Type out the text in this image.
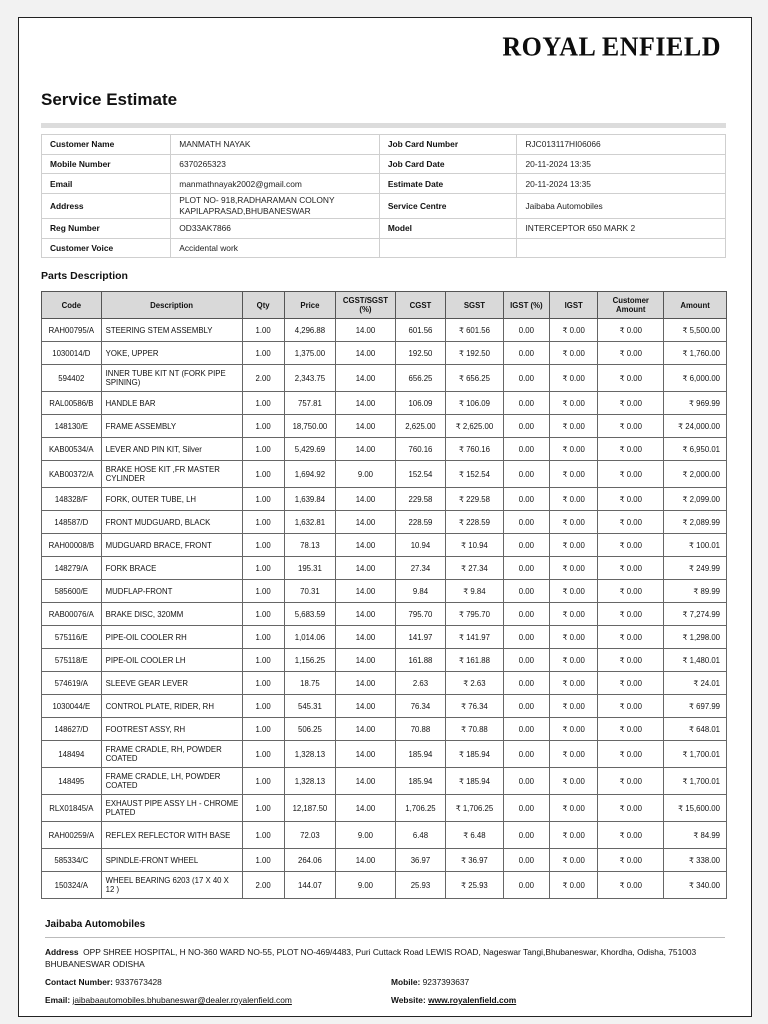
ROYAL ENFIELD
Service Estimate
Customer Name	MANMATH NAYAK	Job Card Number	RJC013117HI06066
Mobile Number	6370265323	Job Card Date	20-11-2024 13:35
Email	manmathnayak2002@gmail.com	Estimate Date	20-11-2024 13:35
Address	PLOT NO- 918,RADHARAMAN COLONY
KAPILAPRASAD,BHUBANESWAR	Service Centre	Jaibaba Automobiles
Reg Number	OD33AK7866	Model	INTERCEPTOR 650 MARK 2
Customer Voice	Accidental work		
Parts Description
Code	Description	Qty	Price	CGST/SGST (%)	CGST	SGST	IGST (%)	IGST	Customer Amount	Amount
RAH00795/A	STEERING STEM ASSEMBLY	1.00	4,296.88	14.00	601.56	₹ 601.56	0.00	₹ 0.00	₹ 0.00	₹ 5,500.00
1030014/D	YOKE, UPPER	1.00	1,375.00	14.00	192.50	₹ 192.50	0.00	₹ 0.00	₹ 0.00	₹ 1,760.00
594402	INNER TUBE KIT NT (FORK PIPE SPINING)	2.00	2,343.75	14.00	656.25	₹ 656.25	0.00	₹ 0.00	₹ 0.00	₹ 6,000.00
RAL00586/B	HANDLE BAR	1.00	757.81	14.00	106.09	₹ 106.09	0.00	₹ 0.00	₹ 0.00	₹ 969.99
148130/E	FRAME ASSEMBLY	1.00	18,750.00	14.00	2,625.00	₹ 2,625.00	0.00	₹ 0.00	₹ 0.00	₹ 24,000.00
KAB00534/A	LEVER AND PIN KIT, Silver	1.00	5,429.69	14.00	760.16	₹ 760.16	0.00	₹ 0.00	₹ 0.00	₹ 6,950.01
KAB00372/A	BRAKE HOSE KIT ,FR MASTER CYLINDER	1.00	1,694.92	9.00	152.54	₹ 152.54	0.00	₹ 0.00	₹ 0.00	₹ 2,000.00
148328/F	FORK, OUTER TUBE, LH	1.00	1,639.84	14.00	229.58	₹ 229.58	0.00	₹ 0.00	₹ 0.00	₹ 2,099.00
148587/D	FRONT MUDGUARD, BLACK	1.00	1,632.81	14.00	228.59	₹ 228.59	0.00	₹ 0.00	₹ 0.00	₹ 2,089.99
RAH00008/B	MUDGUARD BRACE, FRONT	1.00	78.13	14.00	10.94	₹ 10.94	0.00	₹ 0.00	₹ 0.00	₹ 100.01
148279/A	FORK BRACE	1.00	195.31	14.00	27.34	₹ 27.34	0.00	₹ 0.00	₹ 0.00	₹ 249.99
585600/E	MUDFLAP-FRONT	1.00	70.31	14.00	9.84	₹ 9.84	0.00	₹ 0.00	₹ 0.00	₹ 89.99
RAB00076/A	BRAKE DISC, 320MM	1.00	5,683.59	14.00	795.70	₹ 795.70	0.00	₹ 0.00	₹ 0.00	₹ 7,274.99
575116/E	PIPE-OIL COOLER RH	1.00	1,014.06	14.00	141.97	₹ 141.97	0.00	₹ 0.00	₹ 0.00	₹ 1,298.00
575118/E	PIPE-OIL COOLER LH	1.00	1,156.25	14.00	161.88	₹ 161.88	0.00	₹ 0.00	₹ 0.00	₹ 1,480.01
574619/A	SLEEVE GEAR LEVER	1.00	18.75	14.00	2.63	₹ 2.63	0.00	₹ 0.00	₹ 0.00	₹ 24.01
1030044/E	CONTROL PLATE, RIDER, RH	1.00	545.31	14.00	76.34	₹ 76.34	0.00	₹ 0.00	₹ 0.00	₹ 697.99
148627/D	FOOTREST ASSY, RH	1.00	506.25	14.00	70.88	₹ 70.88	0.00	₹ 0.00	₹ 0.00	₹ 648.01
148494	FRAME CRADLE, RH, POWDER COATED	1.00	1,328.13	14.00	185.94	₹ 185.94	0.00	₹ 0.00	₹ 0.00	₹ 1,700.01
148495	FRAME CRADLE, LH, POWDER COATED	1.00	1,328.13	14.00	185.94	₹ 185.94	0.00	₹ 0.00	₹ 0.00	₹ 1,700.01
RLX01845/A	EXHAUST PIPE ASSY LH - CHROME PLATED	1.00	12,187.50	14.00	1,706.25	₹ 1,706.25	0.00	₹ 0.00	₹ 0.00	₹ 15,600.00
RAH00259/A	REFLEX REFLECTOR WITH BASE	1.00	72.03	9.00	6.48	₹ 6.48	0.00	₹ 0.00	₹ 0.00	₹ 84.99
585334/C	SPINDLE-FRONT WHEEL	1.00	264.06	14.00	36.97	₹ 36.97	0.00	₹ 0.00	₹ 0.00	₹ 338.00
150324/A	WHEEL BEARING 6203 (17 X 40 X 12 )	2.00	144.07	9.00	25.93	₹ 25.93	0.00	₹ 0.00	₹ 0.00	₹ 340.00
Jaibaba Automobiles
Address OPP SHREE HOSPITAL, H NO-360 WARD NO-55, PLOT NO-469/4483, Puri Cuttack Road LEWIS ROAD, Nageswar Tangi,Bhubaneswar, Khordha, Odisha, 751003 BHUBANESWAR ODISHA
Contact Number: 9337673428	Mobile: 9237393637
Email: jaibabaautomobiles.bhubaneswar@dealer.royalenfield.com	Website: www.royalenfield.com
